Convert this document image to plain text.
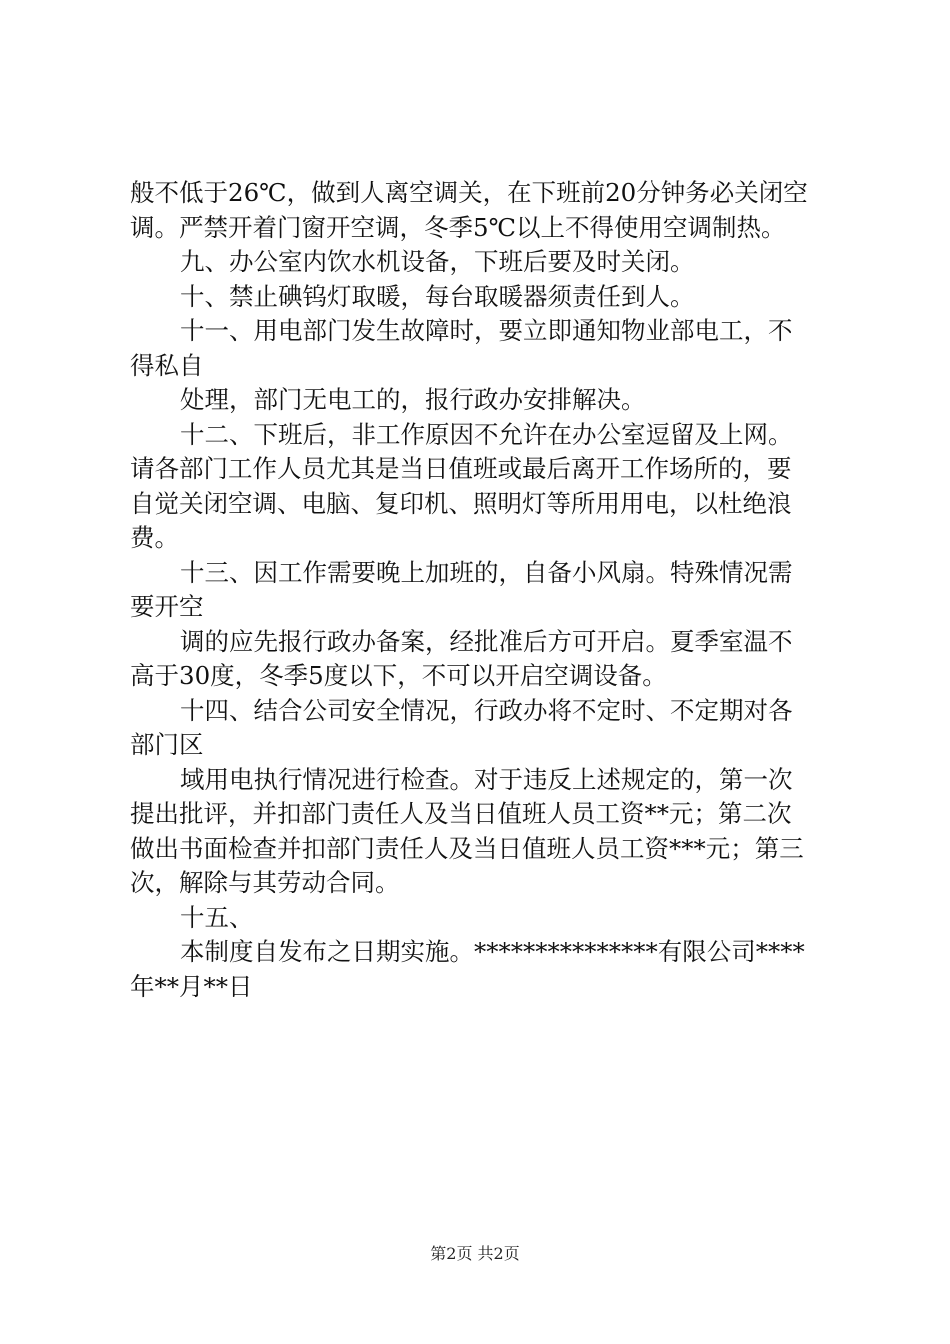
般不低于26℃，做到人离空调关，在下班前20分钟务必关闭空
调。严禁开着门窗开空调，冬季5℃以上不得使用空调制热。
九、办公室内饮水机设备，下班后要及时关闭。
十、禁止碘钨灯取暖，每台取暖器须责任到人。
十一、用电部门发生故障时，要立即通知物业部电工，不
得私自
处理，部门无电工的，报行政办安排解决。
十二、下班后，非工作原因不允许在办公室逗留及上网。
请各部门工作人员尤其是当日值班或最后离开工作场所的，要
自觉关闭空调、电脑、复印机、照明灯等所用用电，以杜绝浪
费。
十三、因工作需要晚上加班的，自备小风扇。特殊情况需
要开空
调的应先报行政办备案，经批准后方可开启。夏季室温不
高于30度，冬季5度以下，不可以开启空调设备。
十四、结合公司安全情况，行政办将不定时、不定期对各
部门区
域用电执行情况进行检查。对于违反上述规定的，第一次
提出批评，并扣部门责任人及当日值班人员工资**元；第二次
做出书面检查并扣部门责任人及当日值班人员工资***元；第三
次，解除与其劳动合同。
十五、
本制度自发布之日期实施。***************有限公司****
年**月**日
第2页 共2页
